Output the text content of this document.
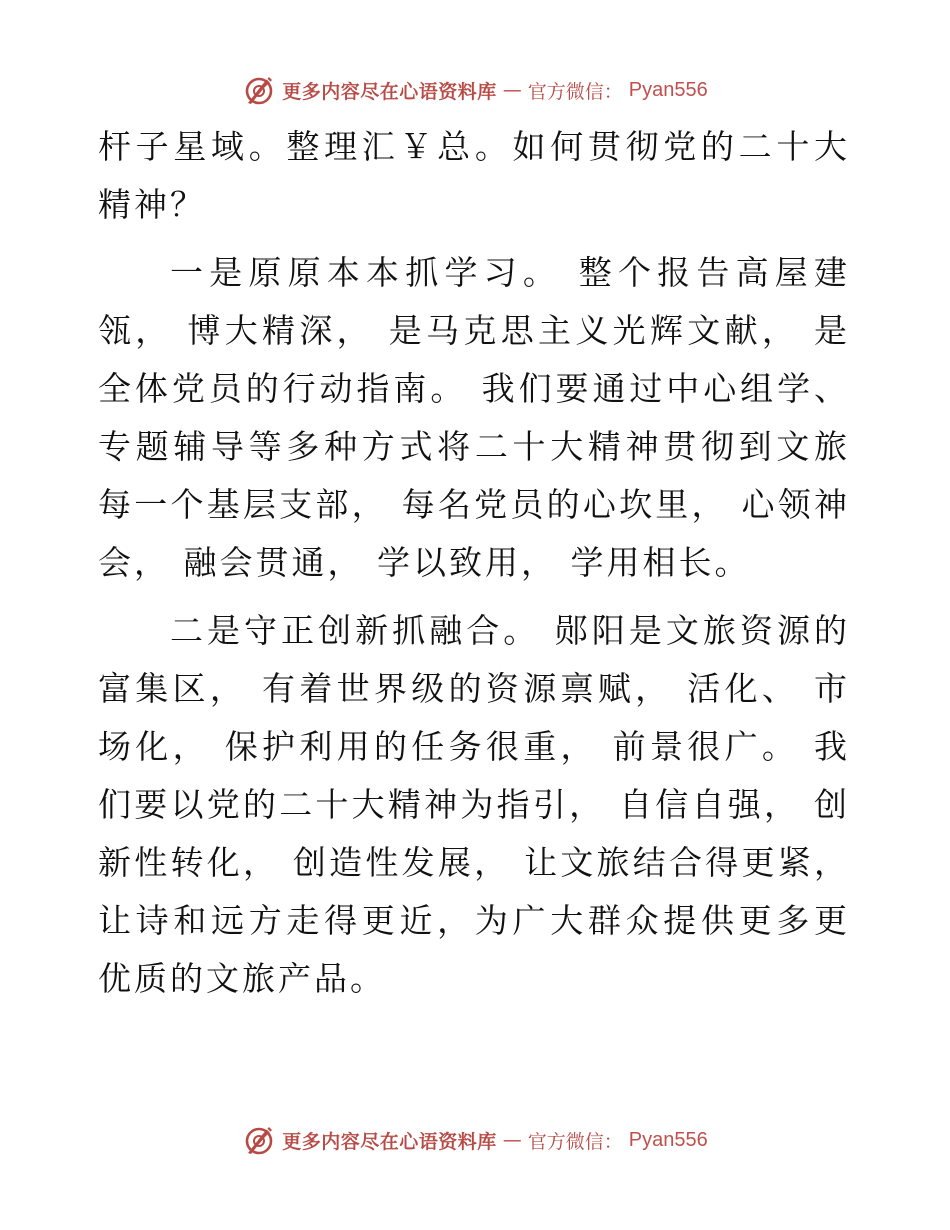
更多内容尽在心语资料库 — 官方微信： Pyan556

杆子星域。整理汇￥总。如何贯彻党的二十大精神？

一是原原本本抓学习。 整个报告高屋建瓴， 博大精深， 是马克思主义光辉文献， 是全体党员的行动指南。 我们要通过中心组学、 专题辅导等多种方式将二十大精神贯彻到文旅每一个基层支部， 每名党员的心坎里， 心领神会， 融会贯通， 学以致用， 学用相长。

二是守正创新抓融合。 郧阳是文旅资源的富集区， 有着世界级的资源禀赋， 活化、 市场化， 保护利用的任务很重， 前景很广。 我们要以党的二十大精神为指引， 自信自强， 创新性转化， 创造性发展， 让文旅结合得更紧， 让诗和远方走得更近，为广大群众提供更多更优质的文旅产品。

更多内容尽在心语资料库 — 官方微信： Pyan556
